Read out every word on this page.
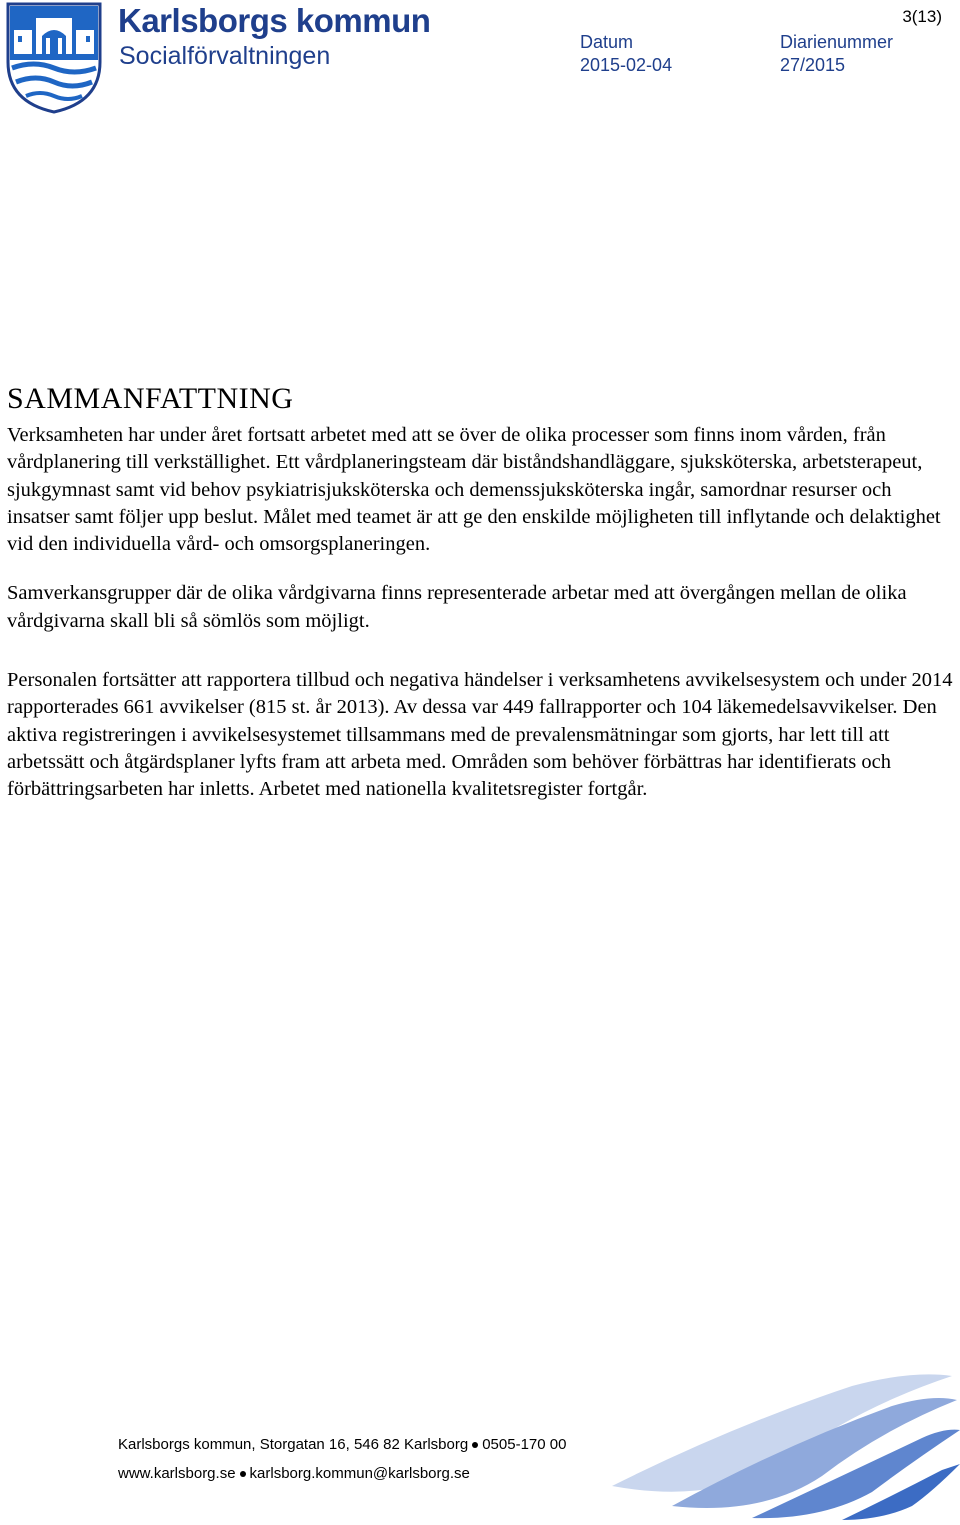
Karlsborgs kommun
Socialförvaltningen	Datum
2015-02-04
Diarienummer
27/2015
3(13)
SAMMANFATTNING

Verksamheten har under året fortsatt arbetet med att se över de olika processer som finns inom vården, från vårdplanering till verkställighet. Ett vårdplaneringsteam där biståndshandläggare, sjuksköterska, arbetsterapeut, sjukgymnast samt vid behov psykiatrisjuksköterska och demenssjuksköterska ingår, samordnar resurser och insatser samt följer upp beslut. Målet med teamet är att ge den enskilde möjligheten till inflytande och delaktighet vid den individuella vård- och omsorgsplaneringen.

Samverkansgrupper där de olika vårdgivarna finns representerade arbetar med att övergången mellan de olika vårdgivarna skall bli så sömlös som möjligt.

Personalen fortsätter att rapportera tillbud och negativa händelser i verksamhetens avvikelsesystem och under 2014 rapporterades 661 avvikelser (815 st. år 2013). Av dessa var 449 fallrapporter och 104 läkemedelsavvikelser. Den aktiva registreringen i avvikelsesystemet tillsammans med de prevalensmätningar som gjorts, har lett till att arbetssätt och åtgärdsplaner lyfts fram att arbeta med. Områden som behöver förbättras har identifierats och förbättringsarbeten har inletts. Arbetet med nationella kvalitetsregister fortgår.

Karlsborgs kommun, Storgatan 16, 546 82 Karlsborg 0505-170 00
www.karlsborg.se karlsborg.kommun@karlsborg.se
